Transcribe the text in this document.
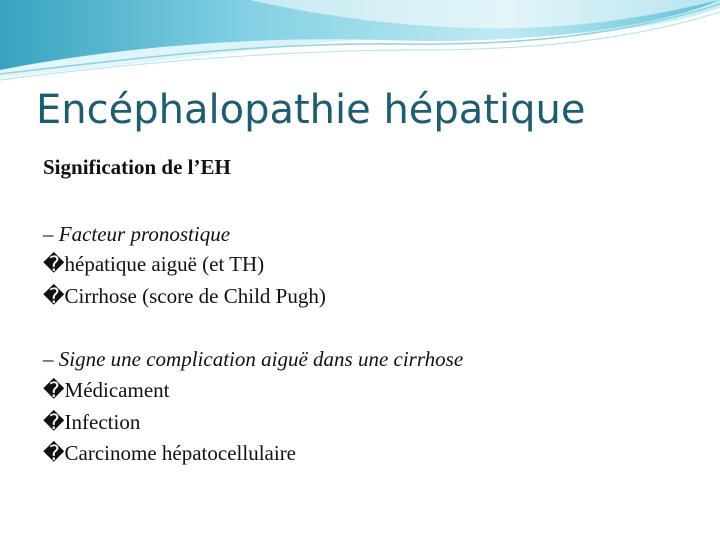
Encéphalopathie hépatique
Signification de l’EH
– Facteur pronostique
�hépatique aiguë (et TH)
�Cirrhose (score de Child Pugh)
– Signe une complication aiguë dans une cirrhose
�Médicament
�Infection
�Carcinome hépatocellulaire
